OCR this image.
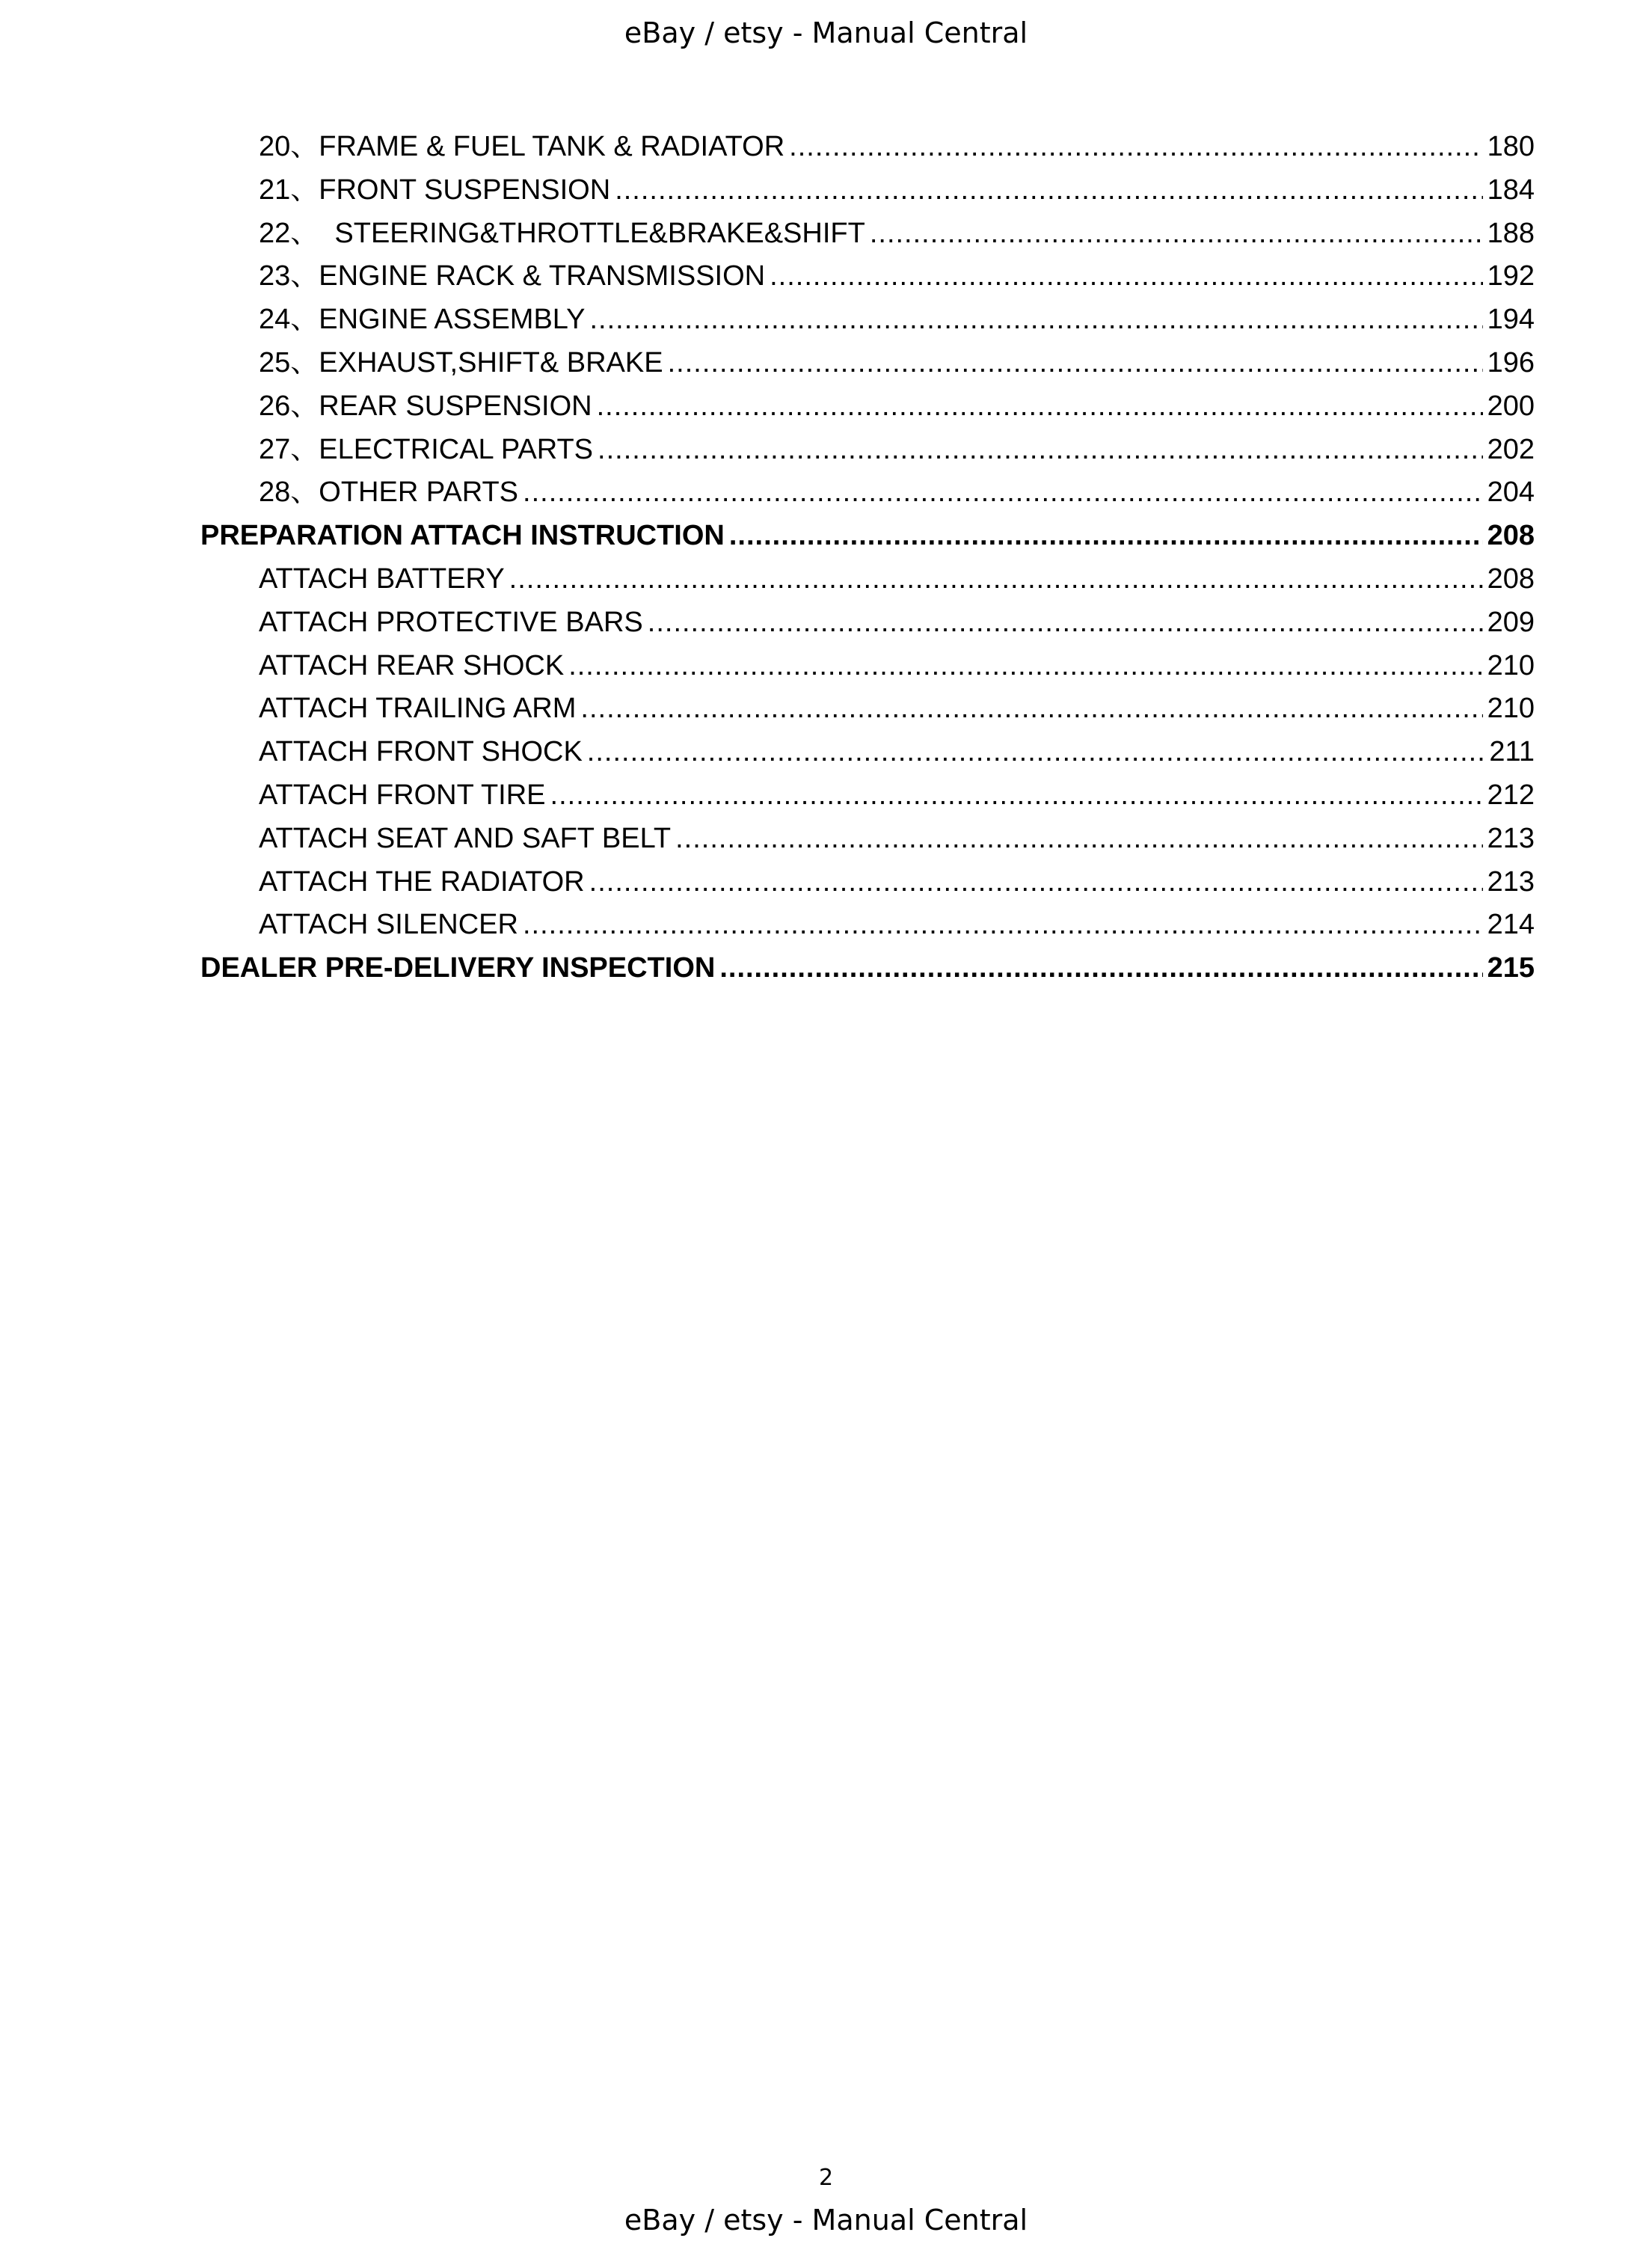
eBay / etsy - Manual Central
20、FRAME & FUEL TANK & RADIATOR .....	180
21、FRONT SUSPENSION .....	184
22、  STEERING&THROTTLE&BRAKE&SHIFT .....	188
23、ENGINE RACK & TRANSMISSION .....	192
24、ENGINE ASSEMBLY .....	194
25、EXHAUST,SHIFT& BRAKE .....	196
26、REAR SUSPENSION .....	200
27、ELECTRICAL PARTS .....	202
28、OTHER PARTS .....	204
PREPARATION ATTACH INSTRUCTION .....	208
ATTACH BATTERY .....	208
ATTACH PROTECTIVE BARS .....	209
ATTACH REAR SHOCK .....	210
ATTACH TRAILING ARM .....	210
ATTACH FRONT SHOCK .....	211
ATTACH FRONT TIRE .....	212
ATTACH SEAT AND SAFT BELT .....	213
ATTACH THE RADIATOR .....	213
ATTACH SILENCER .....	214
DEALER PRE-DELIVERY INSPECTION .....	215
2
eBay / etsy - Manual Central
